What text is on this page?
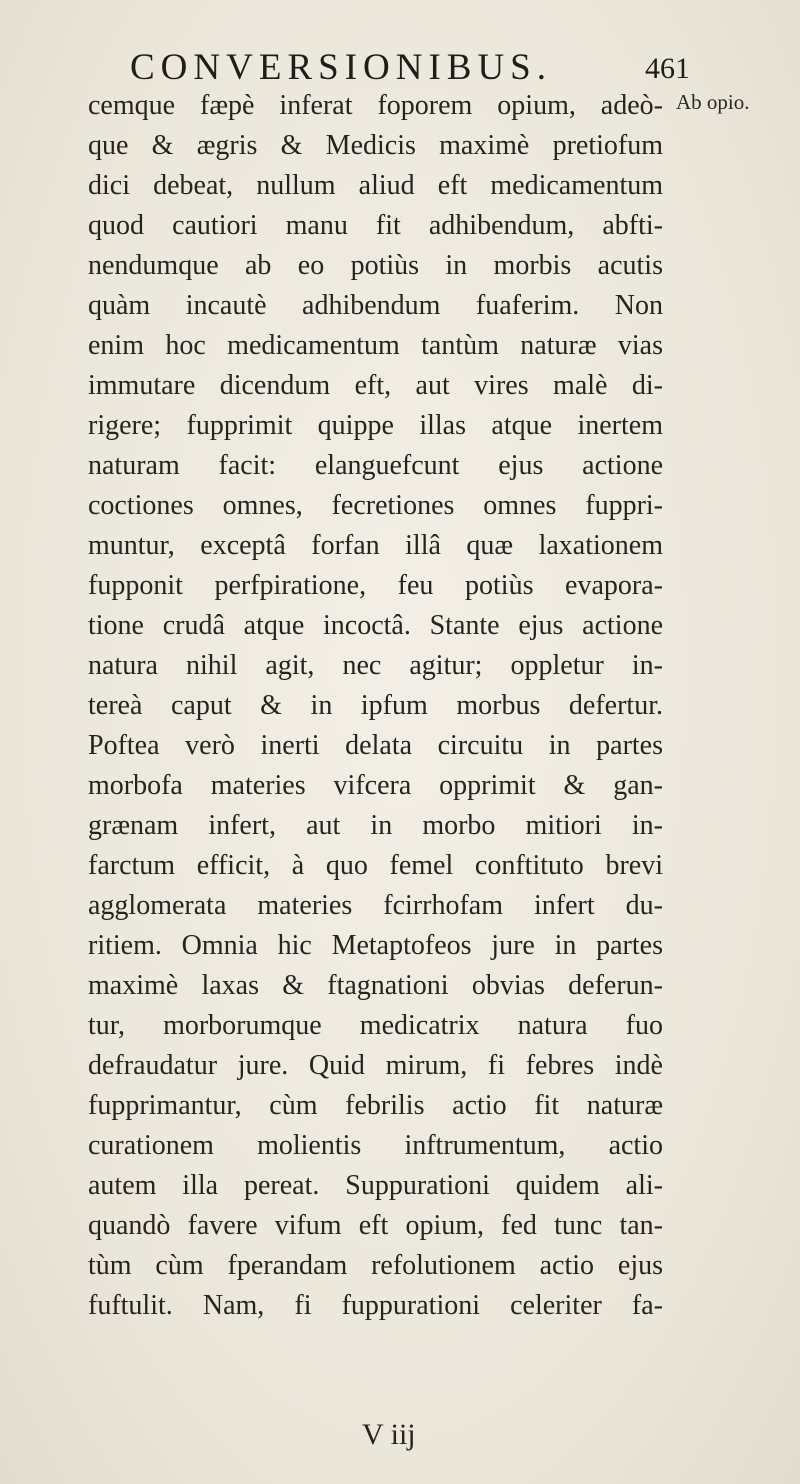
CONVERSIONIBUS.	461
Ab opio.
cemque fæpè inferat foporem opium, adeò-
que & ægris & Medicis maximè pretiofum
dici debeat, nullum aliud eft medicamentum
quod cautiori manu fit adhibendum, abfti-
nendumque ab eo potiùs in morbis acutis
quàm incautè adhibendum fuaferim. Non
enim hoc medicamentum tantùm naturæ vias
immutare dicendum eft, aut vires malè di-
rigere; fupprimit quippe illas atque inertem
naturam facit: elanguefcunt ejus actione
coctiones omnes, fecretiones omnes fuppri-
muntur, exceptâ forfan illâ quæ laxationem
fupponit perfpiratione, feu potiùs evapora-
tione crudâ atque incoctâ. Stante ejus actione
natura nihil agit, nec agitur; oppletur in-
tereà caput & in ipfum morbus defertur.
Poftea verò inerti delata circuitu in partes
morbofa materies vifcera opprimit & gan-
grænam infert, aut in morbo mitiori in-
farctum efficit, à quo femel conftituto brevi
agglomerata materies fcirrhofam infert du-
ritiem. Omnia hic Metaptofeos jure in partes
maximè laxas & ftagnationi obvias deferun-
tur, morborumque medicatrix natura fuo
defraudatur jure. Quid mirum, fi febres indè
fupprimantur, cùm febrilis actio fit naturæ
curationem molientis inftrumentum, actio
autem illa pereat. Suppurationi quidem ali-
quandò favere vifum eft opium, fed tunc tan-
tùm cùm fperandam refolutionem actio ejus
fuftulit. Nam, fi fuppurationi celeriter fa-
V iij
